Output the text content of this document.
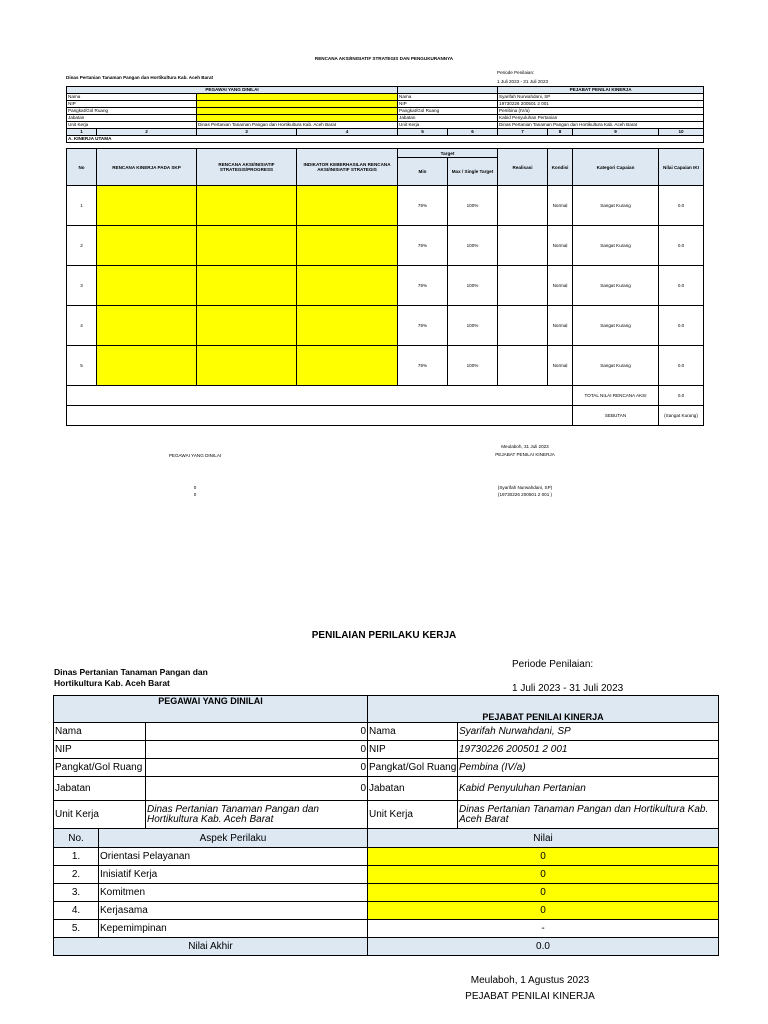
RENCANA AKSI/INISIATIF STRATEGIS DAN PENGUKURANNYA
Dinas Pertanian Tanaman Pangan dan Hortikultura Kab. Aceh Barat
Periode Penilaian:
1 Juli 2023 - 31 Juli 2023
PEGAWAI YANG DINILAI						PEJABAT PENILAI KINERJA			
Nama				Nama		Syarifah Nurwahdani, SP			
NIP				NIP		19730226 200501 2 001			
Pangkat/Gol Ruang				Pangkat/Gol Ruang		Pembina (IV/a)			
Jabatan				Jabatan		Kabid Penyuluhan Pertanian			
Unit Kerja		Dinas Pertanian Tanaman Pangan dan Hortikultura Kab. Aceh Barat		Unit Kerja		Dinas Pertanian Tanaman Pangan dan Hortikultura Kab. Aceh Barat			
1	2	3	4	5	6	7	8	9	10
A. KINERJA UTAMA									
No	RENCANA KINERJA PADA SKP	RENCANA AKSI/INISIATIF STRATEGIS/PROGRESS	INDIKATOR KEBERHASILAN RENCANA AKSI/INISIATIF STRATEGIS	Target		Realisasi	Kondisi	Kategori Capaian	Nilai Capaian IKI
				Min	Max / Single Target				
1				75%	100%		Normal	Sangat Kurang	0.0
2				75%	100%		Normal	Sangat Kurang	0.0
3				75%	100%		Normal	Sangat Kurang	0.0
4				75%	100%		Normal	Sangat Kurang	0.0
5				75%	100%		Normal	Sangat Kurang	0.0
								TOTAL NILAI RENCANA AKSI	0.0
								SEBUTAN	(Sangat Kurang)
Meulaboh, 31 Juli 2023
PEJABAT PENILAI KINERJA
PEGAWAI YANG DINILAI
0
0
(Syarifah Nurwahdani, SP)
(19730226 200501 2 001 )
PENILAIAN PERILAKU KERJA
Dinas Pertanian Tanaman Pangan dan
Hortikultura Kab. Aceh Barat
Periode Penilaian:
1 Juli 2023 - 31 Juli 2023
PEGAWAI YANG DINILAI			PEJABAT PENILAI KINERJA	
Nama		0	Nama	Syarifah Nurwahdani, SP
NIP		0	NIP	19730226 200501 2 001
Pangkat/Gol Ruang		0	Pangkat/Gol Ruang	Pembina (IV/a)
Jabatan		0	Jabatan	Kabid Penyuluhan Pertanian
Unit Kerja		Dinas Pertanian Tanaman Pangan dan Hortikultura Kab. Aceh Barat	Unit Kerja	Dinas Pertanian Tanaman Pangan dan Hortikultura Kab. Aceh Barat
No.	Aspek Perilaku		Nilai	
1.	Orientasi Pelayanan		0	
2.	Inisiatif Kerja		0	
3.	Komitmen		0	
4.	Kerjasama		0	
5.	Kepemimpinan		-	
Nilai Akhir			0.0	
Meulaboh, 1 Agustus 2023
PEJABAT PENILAI KINERJA
